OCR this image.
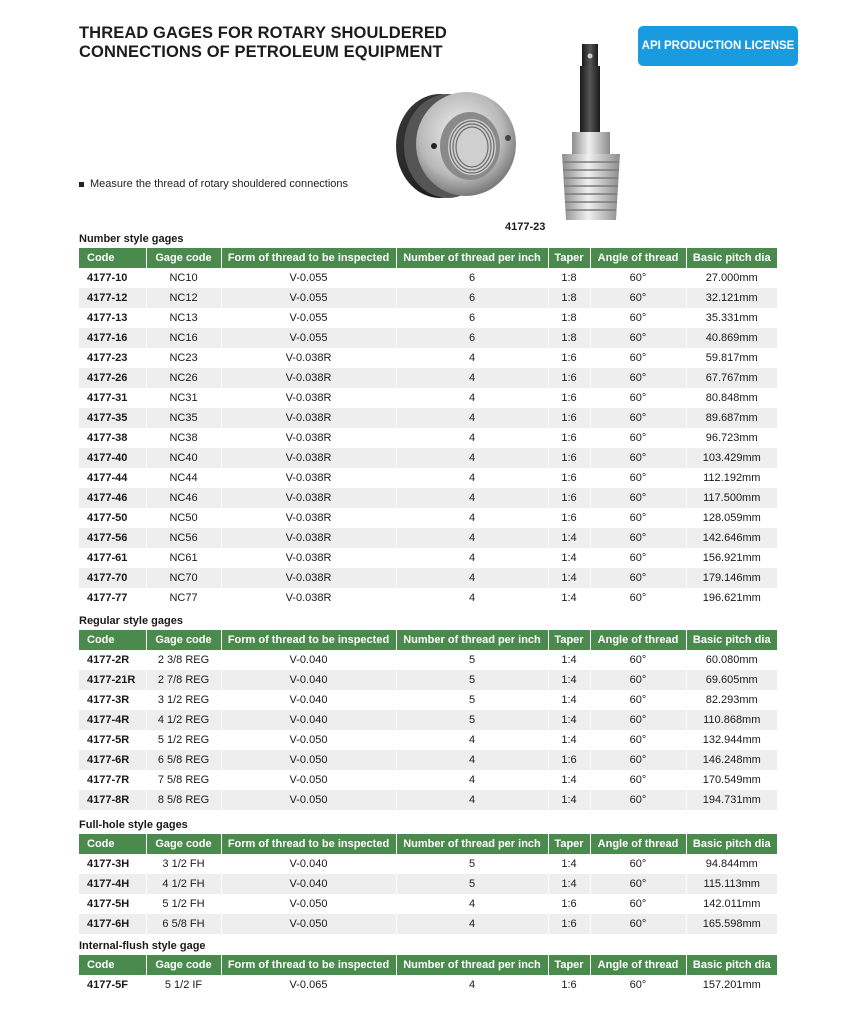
THREAD GAGES FOR ROTARY SHOULDERED
CONNECTIONS OF PETROLEUM EQUIPMENT	API PRODUCTION LICENSE
4177-23
Measure the thread of rotary shouldered connections
Number style gages
Code	Gage code	Form of thread to be inspected	Number of thread per inch	Taper	Angle of thread	Basic pitch dia
4177-10	NC10	V-0.055	6	1:8	60°	27.000mm
4177-12	NC12	V-0.055	6	1:8	60°	32.121mm
4177-13	NC13	V-0.055	6	1:8	60°	35.331mm
4177-16	NC16	V-0.055	6	1:8	60°	40.869mm
4177-23	NC23	V-0.038R	4	1:6	60°	59.817mm
4177-26	NC26	V-0.038R	4	1:6	60°	67.767mm
4177-31	NC31	V-0.038R	4	1:6	60°	80.848mm
4177-35	NC35	V-0.038R	4	1:6	60°	89.687mm
4177-38	NC38	V-0.038R	4	1:6	60°	96.723mm
4177-40	NC40	V-0.038R	4	1:6	60°	103.429mm
4177-44	NC44	V-0.038R	4	1:6	60°	112.192mm
4177-46	NC46	V-0.038R	4	1:6	60°	117.500mm
4177-50	NC50	V-0.038R	4	1:6	60°	128.059mm
4177-56	NC56	V-0.038R	4	1:4	60°	142.646mm
4177-61	NC61	V-0.038R	4	1:4	60°	156.921mm
4177-70	NC70	V-0.038R	4	1:4	60°	179.146mm
4177-77	NC77	V-0.038R	4	1:4	60°	196.621mm
Regular style gages
Code	Gage code	Form of thread to be inspected	Number of thread per inch	Taper	Angle of thread	Basic pitch dia
4177-2R	2 3/8 REG	V-0.040	5	1:4	60°	60.080mm
4177-21R	2 7/8 REG	V-0.040	5	1:4	60°	69.605mm
4177-3R	3 1/2 REG	V-0.040	5	1:4	60°	82.293mm
4177-4R	4 1/2 REG	V-0.040	5	1:4	60°	110.868mm
4177-5R	5 1/2 REG	V-0.050	4	1:4	60°	132.944mm
4177-6R	6 5/8 REG	V-0.050	4	1:6	60°	146.248mm
4177-7R	7 5/8 REG	V-0.050	4	1:4	60°	170.549mm
4177-8R	8 5/8 REG	V-0.050	4	1:4	60°	194.731mm
Full-hole style gages
Code	Gage code	Form of thread to be inspected	Number of thread per inch	Taper	Angle of thread	Basic pitch dia
4177-3H	3 1/2 FH	V-0.040	5	1:4	60°	94.844mm
4177-4H	4 1/2 FH	V-0.040	5	1:4	60°	115.113mm
4177-5H	5 1/2 FH	V-0.050	4	1:6	60°	142.011mm
4177-6H	6 5/8 FH	V-0.050	4	1:6	60°	165.598mm
Internal-flush style gage
Code	Gage code	Form of thread to be inspected	Number of thread per inch	Taper	Angle of thread	Basic pitch dia
4177-5F	5 1/2 IF	V-0.065	4	1:6	60°	157.201mm
